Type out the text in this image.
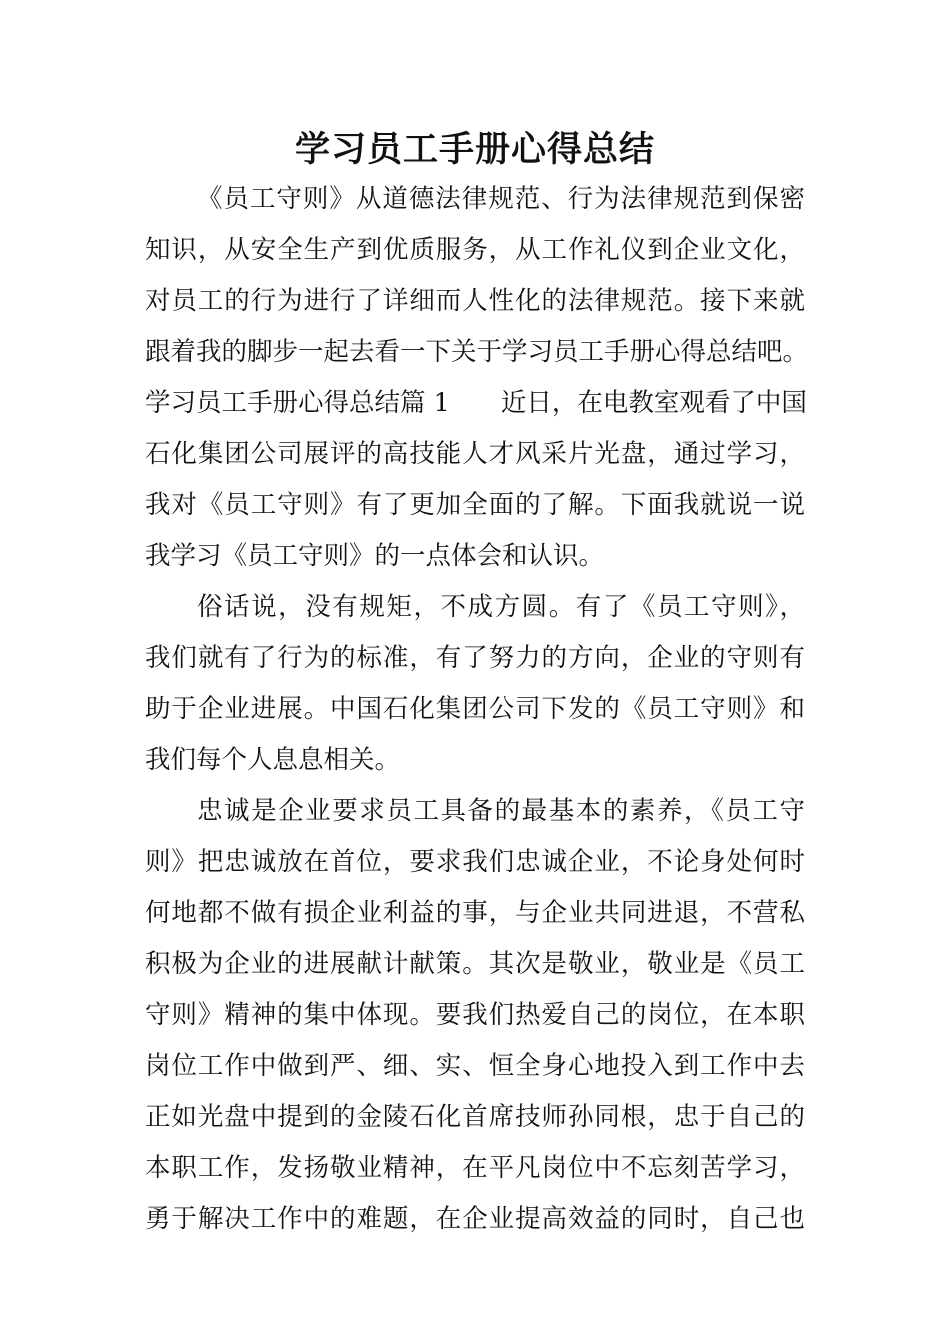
学习员工手册心得总结
《员工守则》从道德法律规范、行为法律规范到保密
知识，从安全生产到优质服务，从工作礼仪到企业文化，
对员工的行为进行了详细而人性化的法律规范。接下来就
跟着我的脚步一起去看一下关于学习员工手册心得总结吧。
学习员工手册心得总结篇 1　　近日，在电教室观看了中国
石化集团公司展评的高技能人才风采片光盘，通过学习，
我对《员工守则》有了更加全面的了解。下面我就说一说
我学习《员工守则》的一点体会和认识。
俗话说，没有规矩，不成方圆。有了《员工守则》，
我们就有了行为的标准，有了努力的方向，企业的守则有
助于企业进展。中国石化集团公司下发的《员工守则》和
我们每个人息息相关。
忠诚是企业要求员工具备的最基本的素养，《员工守
则》把忠诚放在首位，要求我们忠诚企业，不论身处何时
何地都不做有损企业利益的事，与企业共同进退，不营私
积极为企业的进展献计献策。其次是敬业，敬业是《员工
守则》精神的集中体现。要我们热爱自己的岗位，在本职
岗位工作中做到严、细、实、恒全身心地投入到工作中去
正如光盘中提到的金陵石化首席技师孙同根，忠于自己的
本职工作，发扬敬业精神，在平凡岗位中不忘刻苦学习，
勇于解决工作中的难题，在企业提高效益的同时，自己也
